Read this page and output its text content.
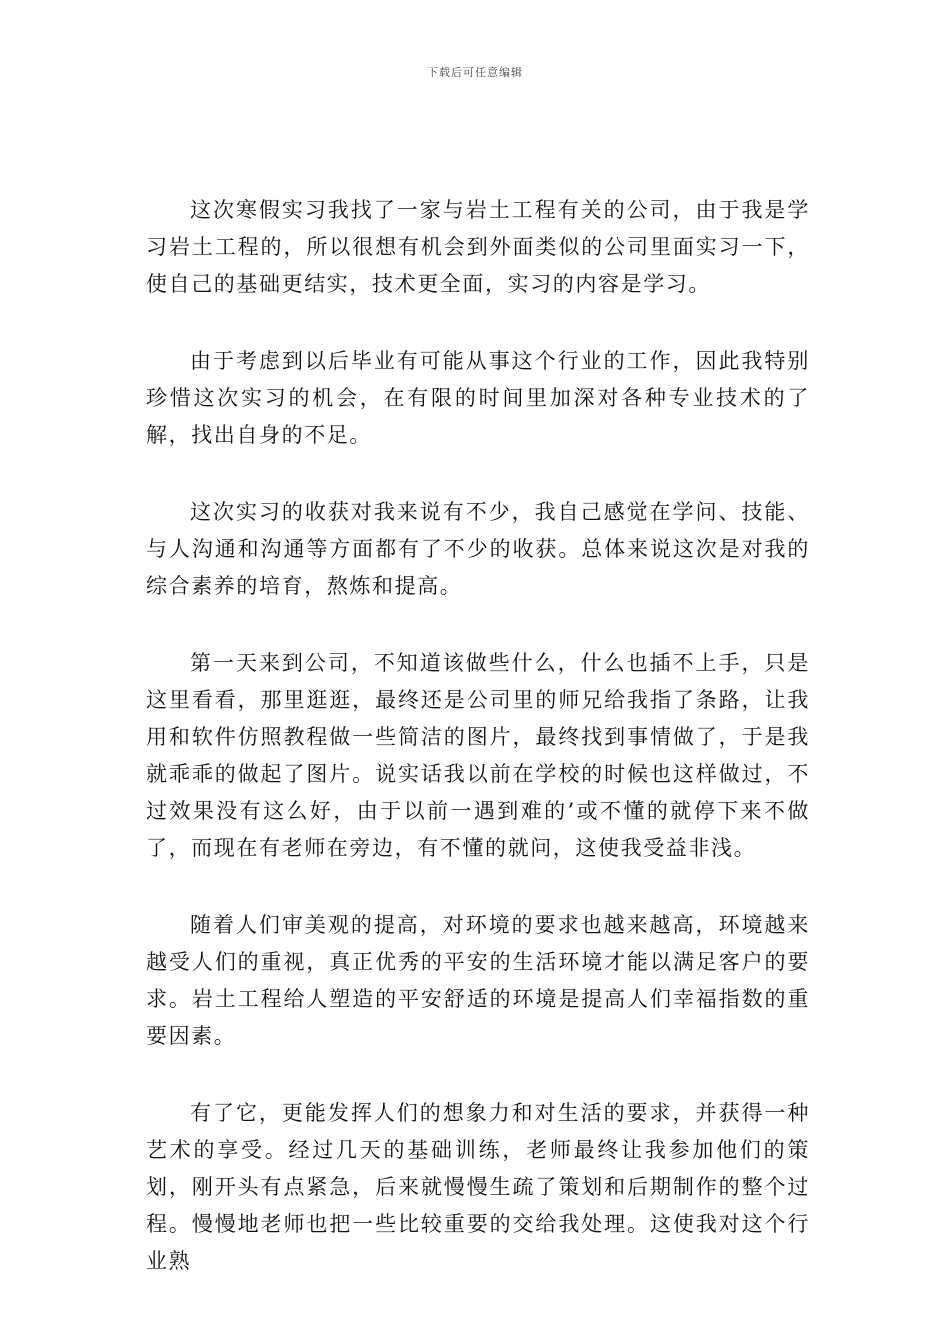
下载后可任意编辑

这次寒假实习我找了一家与岩土工程有关的公司，由于我是学习岩土工程的，所以很想有机会到外面类似的公司里面实习一下，使自己的基础更结实，技术更全面，实习的内容是学习。

由于考虑到以后毕业有可能从事这个行业的工作，因此我特别珍惜这次实习的机会，在有限的时间里加深对各种专业技术的了解，找出自身的不足。

这次实习的收获对我来说有不少，我自己感觉在学问、技能、与人沟通和沟通等方面都有了不少的收获。总体来说这次是对我的综合素养的培育，熬炼和提高。

第一天来到公司，不知道该做些什么，什么也插不上手，只是这里看看，那里逛逛，最终还是公司里的师兄给我指了条路，让我用和软件仿照教程做一些简洁的图片，最终找到事情做了，于是我就乖乖的做起了图片。说实话我以前在学校的时候也这样做过，不过效果没有这么好，由于以前一遇到难的’或不懂的就停下来不做了，而现在有老师在旁边，有不懂的就问，这使我受益非浅。

随着人们审美观的提高，对环境的要求也越来越高，环境越来越受人们的重视，真正优秀的平安的生活环境才能以满足客户的要求。岩土工程给人塑造的平安舒适的环境是提高人们幸福指数的重要因素。

有了它，更能发挥人们的想象力和对生活的要求，并获得一种艺术的享受。经过几天的基础训练，老师最终让我参加他们的策划，刚开头有点紧急，后来就慢慢生疏了策划和后期制作的整个过程。慢慢地老师也把一些比较重要的交给我处理。这使我对这个行业熟
